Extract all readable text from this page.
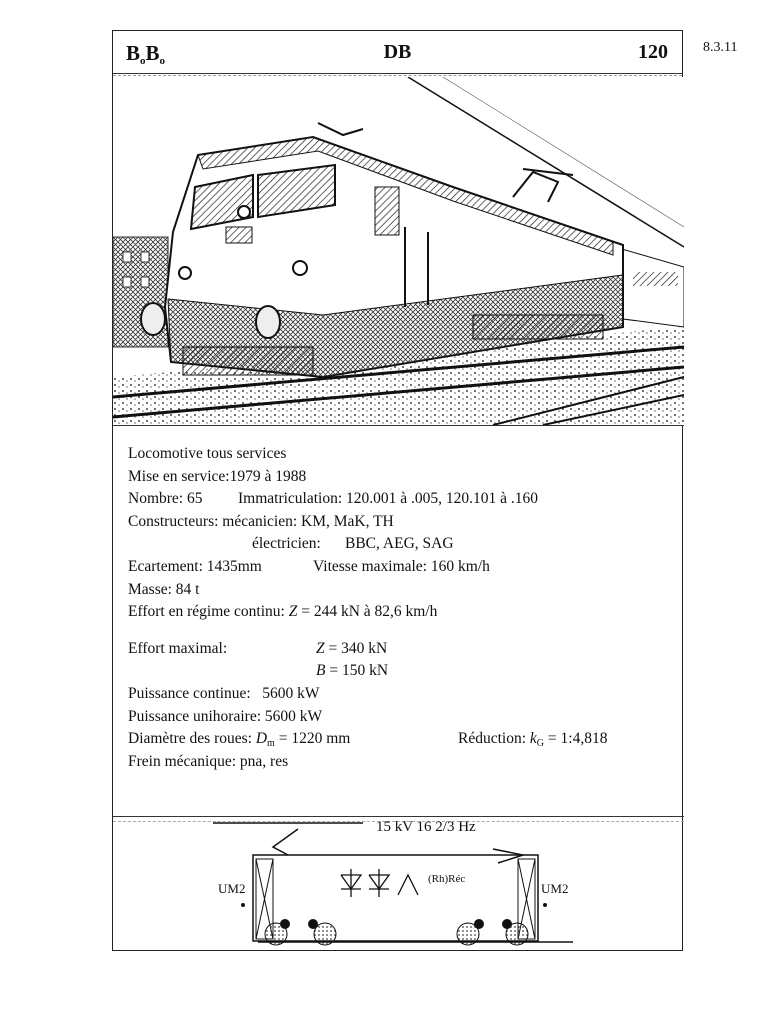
8.3.11
$B_oB_o$	DB	120
Locomotive tous services
Mise en service:1979 à 1988
Nombre: 65 Immatriculation: 120.001 à .005, 120.101 à .160
Constructeurs: mécanicien: KM, MaK, TH
électricien: BBC, AEG, SAG
Ecartement: 1435mm	Vitesse maximale: 160 km/h
Masse: 84 t
Effort en régime continu: Z = 244 kN à 82,6 km/h
Effort maximal:	Z = 340 kN
B = 150 kN
Puissance continue:   5600 kW
Puissance unihoraire: 5600 kW
Diamètre des roues: $D_m = 1220$ mm	Réduction: $k_G$ = 1:4,818
Frein mécanique: pna, res
15 kV 16 2/3 Hz
UM2	UM2
(Rh)Réc
